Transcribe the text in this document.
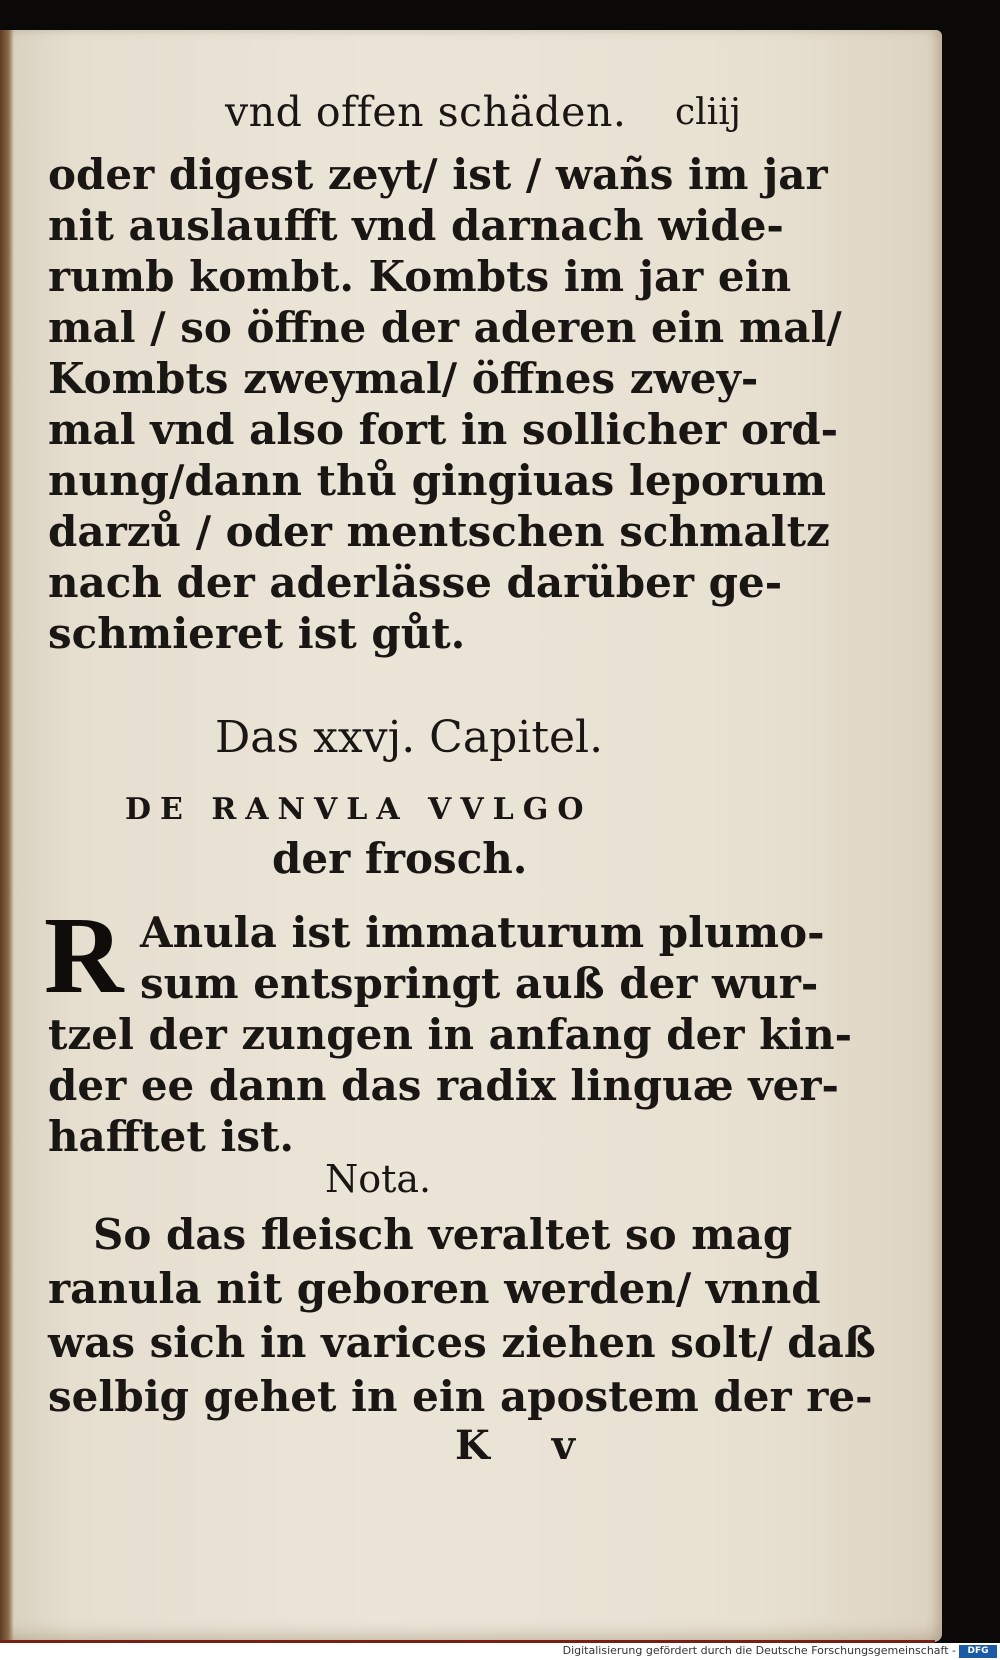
vnd offen schäden.	cliij
oder digest zeyt/ ist / wañs im jar
nit auslaufft vnd darnach wide-
rumb kombt. Kombts im jar ein
mal / so öffne der aderen ein mal/
Kombts zweymal/ öffnes zwey-
mal vnd also fort in sollicher ord-
nung/dann thů gingiuas leporum
darzů / oder mentschen schmaltz
nach der aderlässe darüber ge-
schmieret ist gůt.
Das xxvj. Capitel.
DE RANVLA VVLGO
der frosch.
R Anula ist immaturum plumo-
sum entspringt auß der wur-
tzel der zungen in anfang der kin-
der ee dann das radix linguæ ver-
hafftet ist.
Nota.
So das fleisch veraltet so mag
ranula nit geboren werden/ vnnd
was sich in varices ziehen solt/ daß
selbig gehet in ein apostem der re-
K v
Digitalisierung gefördert durch die Deutsche Forschungsgemeinschaft -	DFG
